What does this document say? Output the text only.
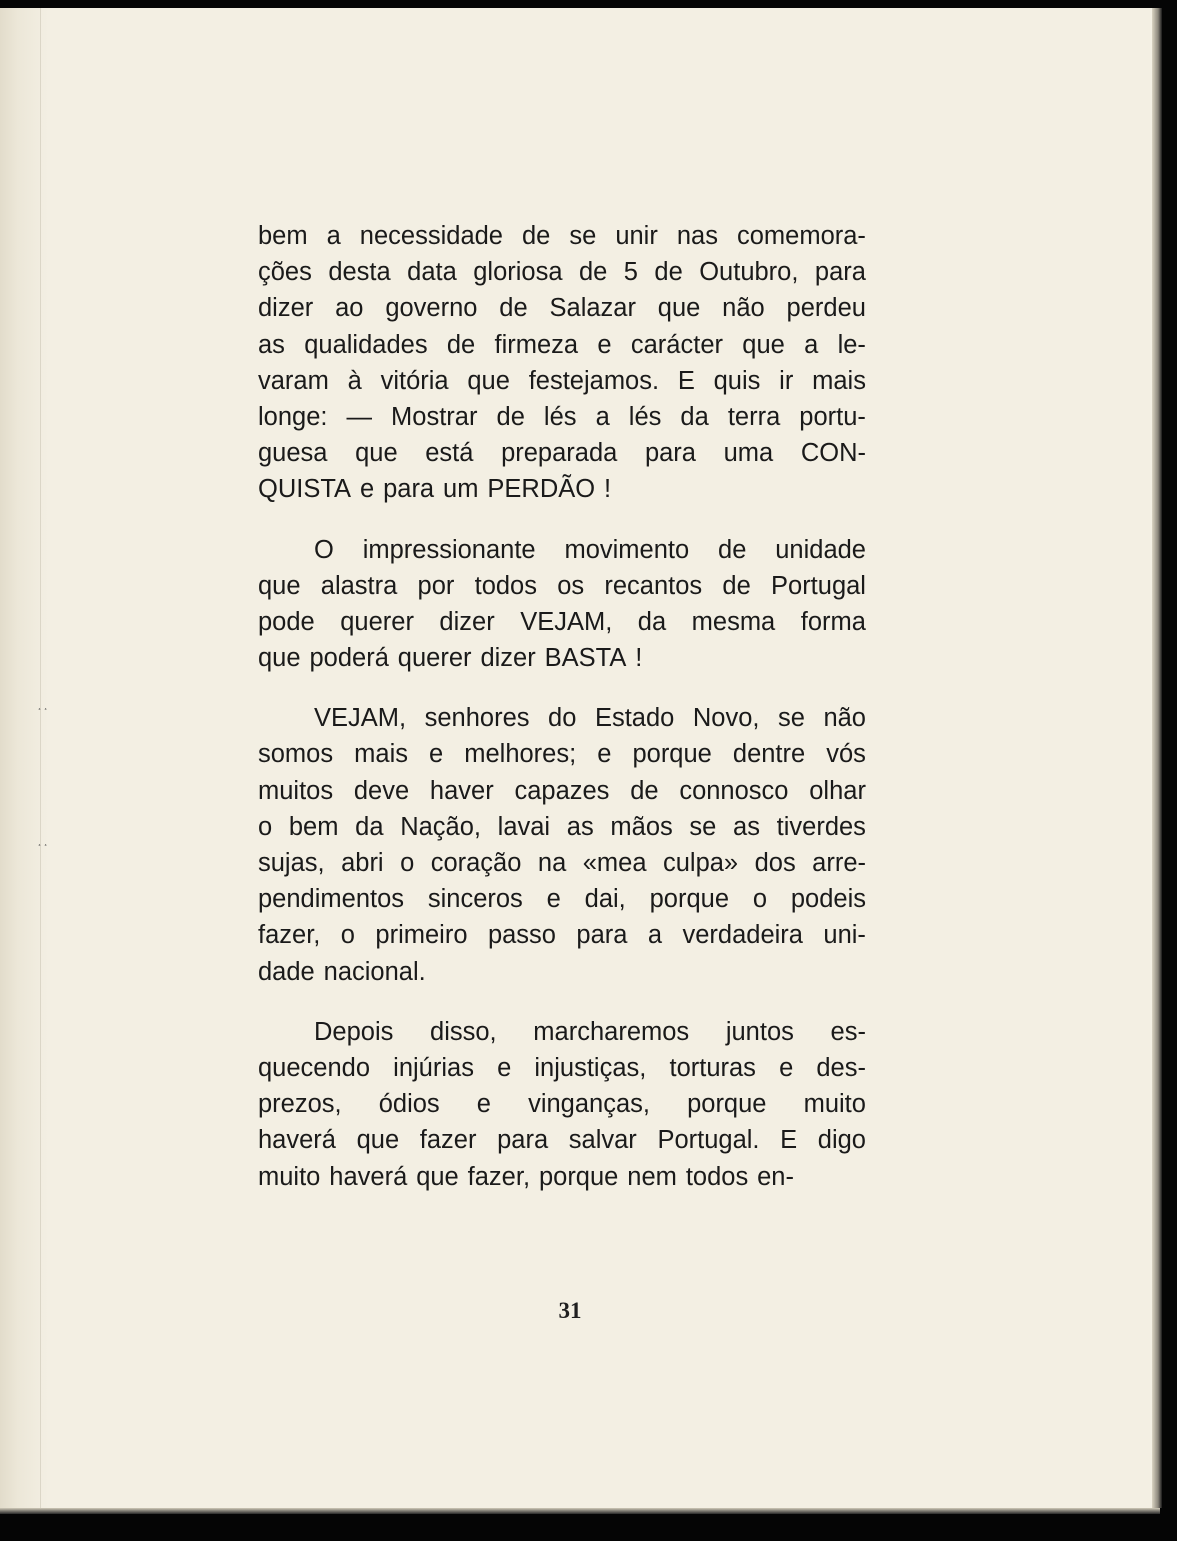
¸ ¸
¸ ¸
bem a necessidade de se unir nas comemora-
ções desta data gloriosa de 5 de Outubro, para
dizer ao governo de Salazar que não perdeu
as qualidades de firmeza e carácter que a le-
varam à vitória que festejamos. E quis ir mais
longe: — Mostrar de lés a lés da terra portu-
guesa que está preparada para uma CON-
QUISTA e para um PERDÃO !
O impressionante movimento de unidade
que alastra por todos os recantos de Portugal
pode querer dizer VEJAM, da mesma forma
que poderá querer dizer BASTA !
VEJAM, senhores do Estado Novo, se não
somos mais e melhores; e porque dentre vós
muitos deve haver capazes de connosco olhar
o bem da Nação, lavai as mãos se as tiverdes
sujas, abri o coração na «mea culpa» dos arre-
pendimentos sinceros e dai, porque o podeis
fazer, o primeiro passo para a verdadeira uni-
dade nacional.
Depois disso, marcharemos juntos es-
quecendo injúrias e injustiças, torturas e des-
prezos, ódios e vinganças, porque muito
haverá que fazer para salvar Portugal. E digo
muito haverá que fazer, porque nem todos en-
31
